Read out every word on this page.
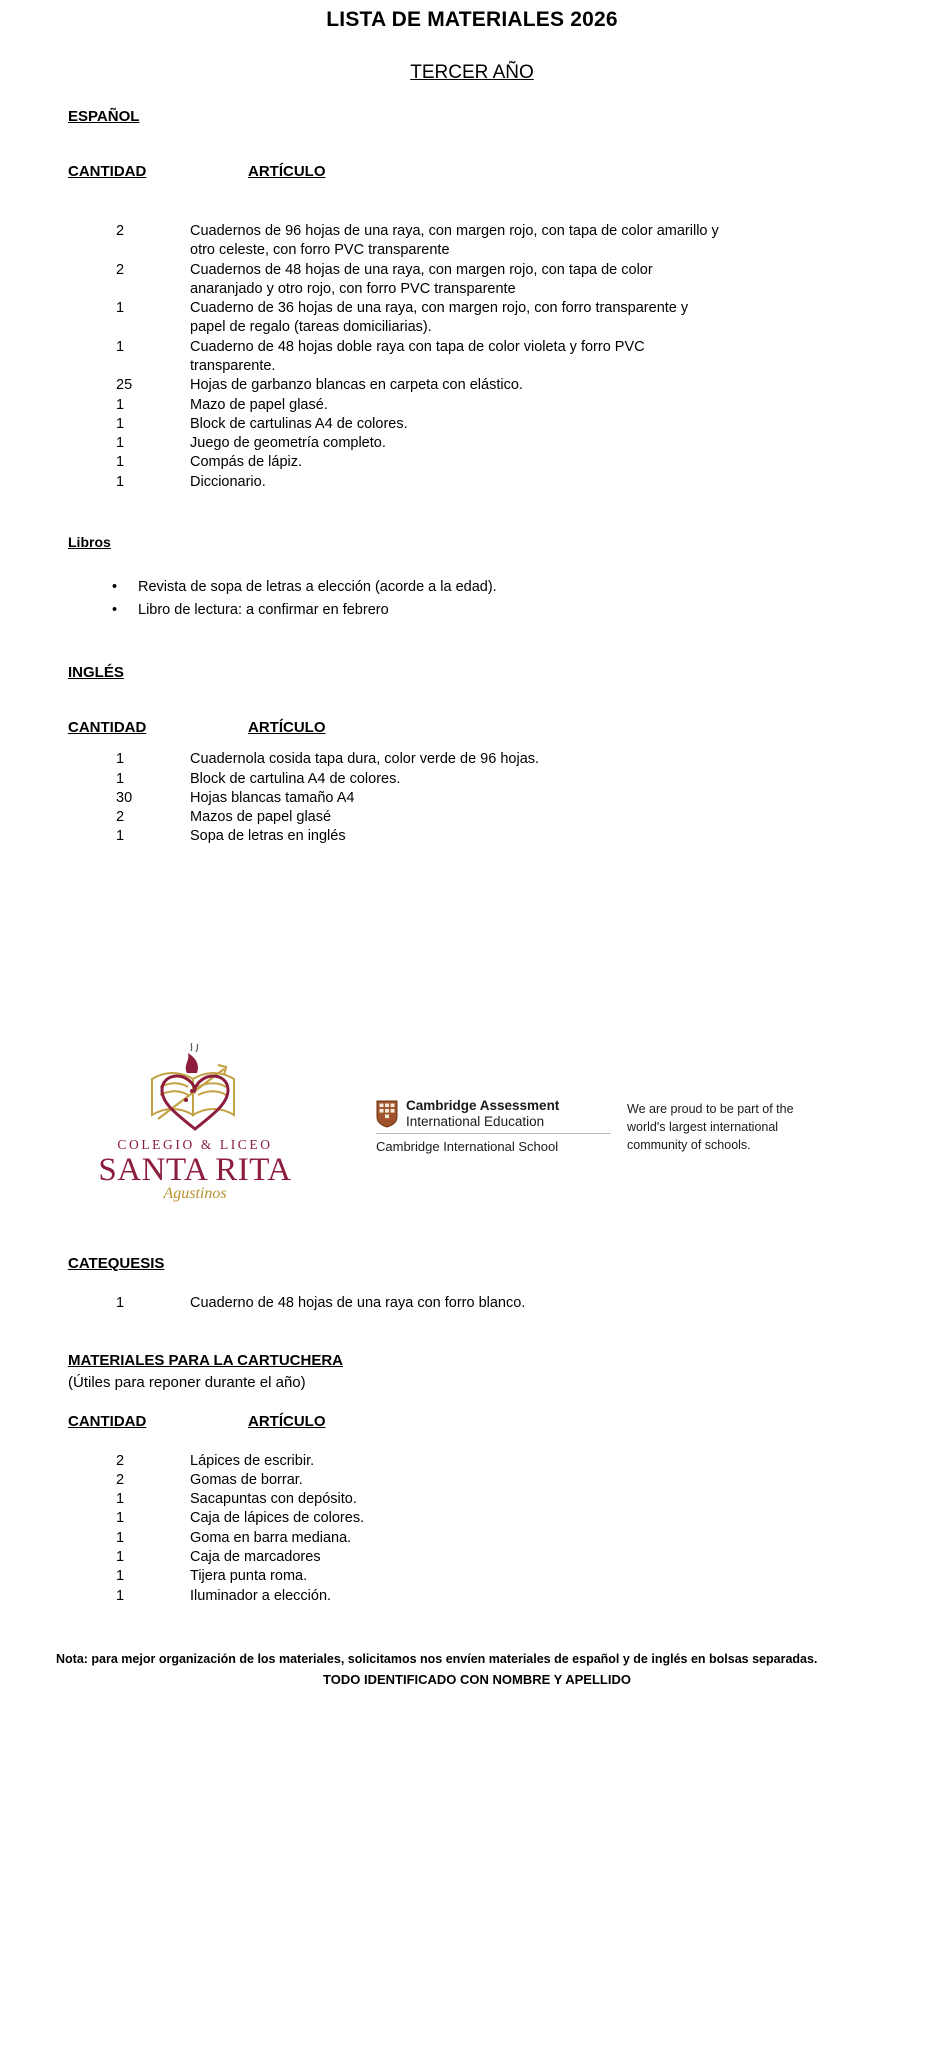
LISTA DE MATERIALES 2026
TERCER AÑO
ESPAÑOL
CANTIDAD	ARTÍCULO
2	Cuadernos de 96 hojas de una raya, con margen rojo, con tapa de color amarillo y otro celeste, con forro PVC transparente
2	Cuadernos de 48 hojas de una raya, con margen rojo, con tapa de color anaranjado y otro rojo, con forro PVC transparente
1	Cuaderno de 36 hojas de una raya, con margen rojo, con forro transparente y papel de regalo (tareas domiciliarias).
1	Cuaderno de 48 hojas doble raya con tapa de color violeta y forro PVC transparente.
25	Hojas de garbanzo blancas en carpeta con elástico.
1	Mazo de papel glasé.
1	Block de cartulinas A4 de colores.
1	Juego de geometría completo.
1	Compás de lápiz.
1	Diccionario.
Libros
• Revista de sopa de letras a elección (acorde a la edad).
• Libro de lectura: a confirmar en febrero
INGLÉS
CANTIDAD	ARTÍCULO
1	Cuadernola cosida tapa dura, color verde de 96 hojas.
1	Block de cartulina A4 de colores.
30	Hojas blancas tamaño A4
2	Mazos de papel glasé
1	Sopa de letras en inglés
COLEGIO & LICEO
SANTA RITA
Agustinos
Cambridge Assessment
International Education
Cambridge International School
We are proud to be part of the world's largest international community of schools.
CATEQUESIS
1	Cuaderno de 48 hojas de una raya con forro blanco.
MATERIALES PARA LA CARTUCHERA
(Útiles para reponer durante el año)
CANTIDAD	ARTÍCULO
2	Lápices de escribir.
2	Gomas de borrar.
1	Sacapuntas con depósito.
1	Caja de lápices de colores.
1	Goma en barra mediana.
1	Caja de marcadores
1	Tijera punta roma.
1	Iluminador a elección.
Nota: para mejor organización de los materiales, solicitamos nos envíen materiales de español y de inglés en bolsas separadas.
TODO IDENTIFICADO CON NOMBRE Y APELLIDO
